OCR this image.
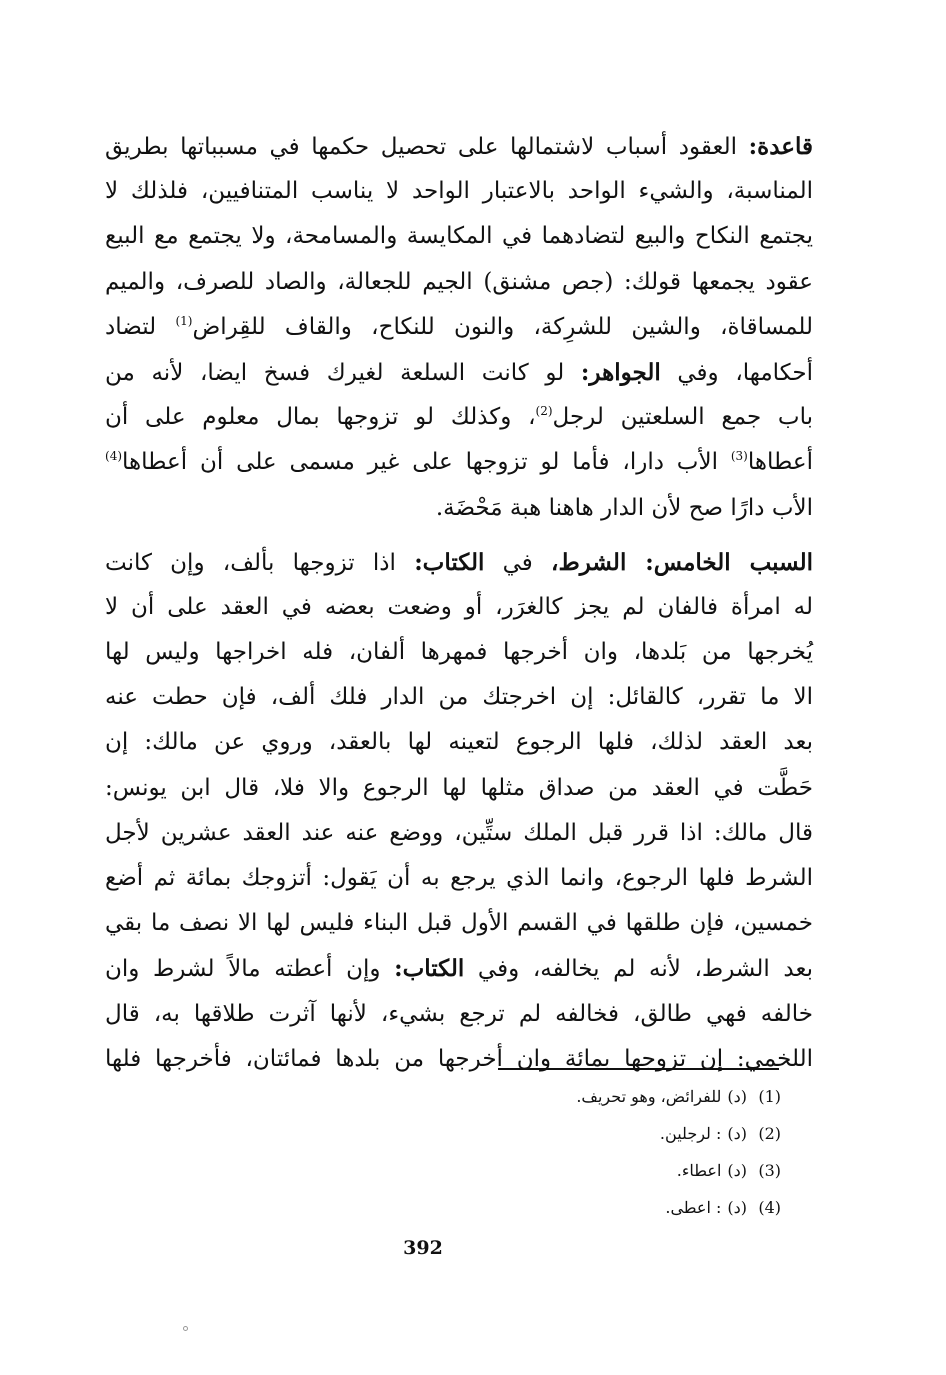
قاعدة: العقود أسباب لاشتمالها على تحصيل حكمها في مسبباتها بطريق
المناسبة، والشيء الواحد بالاعتبار الواحد لا يناسب المتنافيين، فلذلك لا
يجتمع النكاح والبيع لتضادهما في المكايسة والمسامحة، ولا يجتمع مع البيع
عقود يجمعها قولك: (جص مشنق) الجيم للجعالة، والصاد للصرف، والميم
للمساقاة، والشين للشرِكة، والنون للنكاح، والقاف للقِراض$^{(1)}$ لتضاد
أحكامها، وفي الجواهر: لو كانت السلعة لغيرك فسخ ايضا، لأنه من
باب جمع السلعتين لرجل$^{(2)}$، وكذلك لو تزوجها بمال معلوم على أن
أعطاها$^{(3)}$ الأب دارا، فأما لو تزوجها على غير مسمى على أن أعطاها$^{(4)}$
الأب دارًا صح لأن الدار هاهنا هبة مَحْضَة.
السبب الخامس: الشرط، في الكتاب: اذا تزوجها بألف، وإن كانت
له امرأة فالفان لم يجز كالغرَر، أو وضعت بعضه في العقد على أن لا
يُخرجها من بَلدها، وان أخرجها فمهرها ألفان، فله اخراجها وليس لها
الا ما تقرر، كالقائل: إن اخرجتك من الدار فلك ألف، فإن حطت عنه
بعد العقد لذلك، فلها الرجوع لتعينه لها بالعقد، وروي عن مالك: إن
حَطَّت في العقد من صداق مثلها لها الرجوع والا فلا، قال ابن يونس:
قال مالك: اذا قرر قبل الملك ستِّين، ووضع عنه عند العقد عشرين لأجل
الشرط فلها الرجوع، وانما الذي يرجع به أن يَقول: أتزوجك بمائة ثم أضع
خمسين، فإن طلقها في القسم الأول قبل البناء فليس لها الا نصف ما بقي
بعد الشرط، لأنه لم يخالفه، وفي الكتاب: وإن أعطته مالاً لشرط وان
خالفه فهي طالق، فخالفه لم ترجع بشيء، لأنها آثرت طلاقها به، قال
اللخمي: إن تزوجها بمائة وان أخرجها من بلدها فمائتان، فأخرجها فلها
(1)(د)للفرائض، وهو تحريف.
(2)(د): لرجلين.
(3)(د)اعطاء.
(4)(د): اعطى.
392
